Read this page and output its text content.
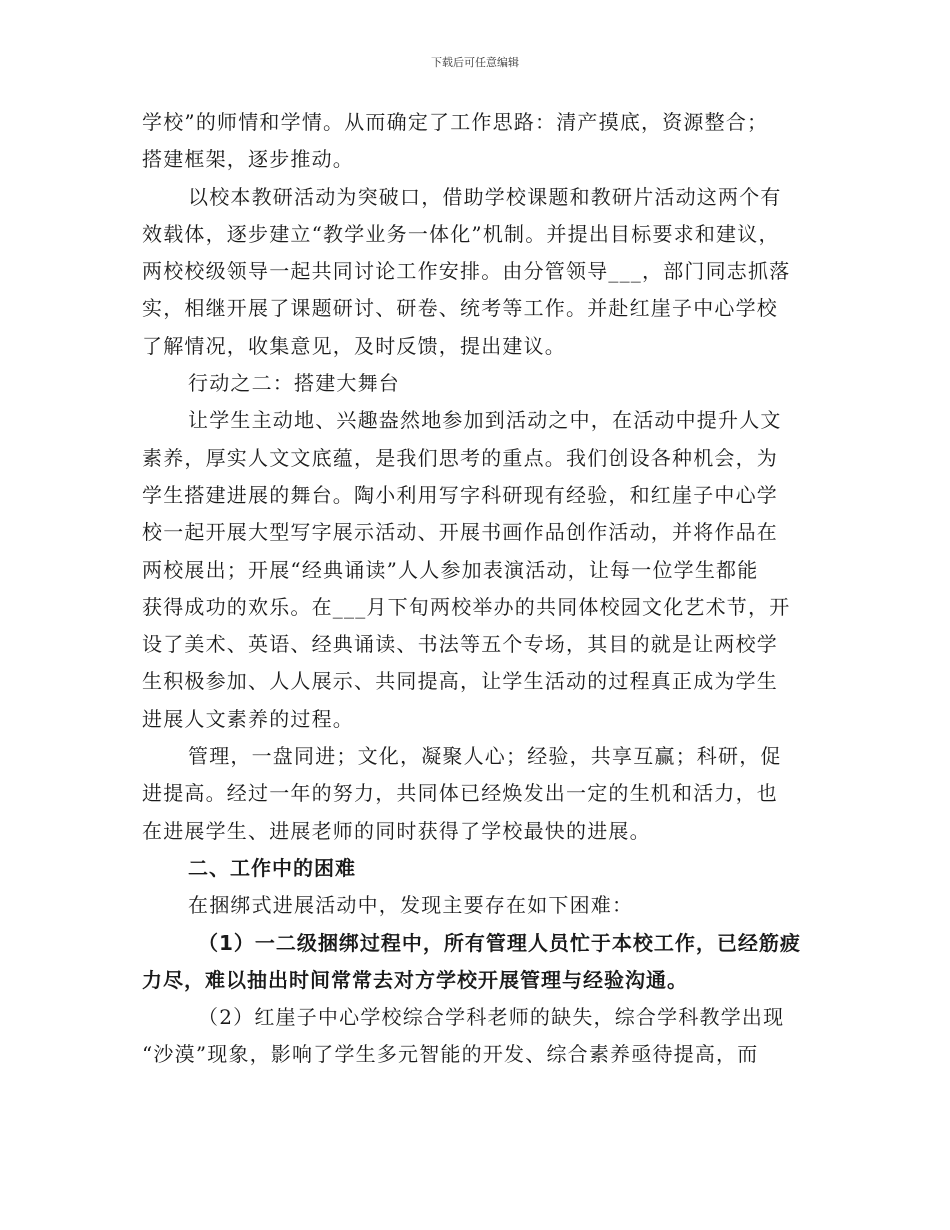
下载后可任意编辑
学校”的师情和学情。从而确定了工作思路：清产摸底，资源整合；
搭建框架，逐步推动。
以校本教研活动为突破口，借助学校课题和教研片活动这两个有
效载体，逐步建立“教学业务一体化”机制。并提出目标要求和建议，
两校校级领导一起共同讨论工作安排。由分管领导___，部门同志抓落
实，相继开展了课题研讨、研卷、统考等工作。并赴红崖子中心学校
了解情况，收集意见，及时反馈，提出建议。
行动之二：搭建大舞台
让学生主动地、兴趣盎然地参加到活动之中，在活动中提升人文
素养，厚实人文文底蕴，是我们思考的重点。我们创设各种机会，为
学生搭建进展的舞台。陶小利用写字科研现有经验，和红崖子中心学
校一起开展大型写字展示活动、开展书画作品创作活动，并将作品在
两校展出；开展“经典诵读”人人参加表演活动，让每一位学生都能
获得成功的欢乐。在___月下旬两校举办的共同体校园文化艺术节，开
设了美术、英语、经典诵读、书法等五个专场，其目的就是让两校学
生积极参加、人人展示、共同提高，让学生活动的过程真正成为学生
进展人文素养的过程。
管理，一盘同进；文化，凝聚人心；经验，共享互赢；科研，促
进提高。经过一年的努力，共同体已经焕发出一定的生机和活力，也
在进展学生、进展老师的同时获得了学校最快的进展。
二、工作中的困难
在捆绑式进展活动中，发现主要存在如下困难：
（1）一二级捆绑过程中，所有管理人员忙于本校工作，已经筋疲
力尽，难以抽出时间常常去对方学校开展管理与经验沟通。
（2）红崖子中心学校综合学科老师的缺失，综合学科教学出现
“沙漠”现象，影响了学生多元智能的开发、综合素养亟待提高，而
